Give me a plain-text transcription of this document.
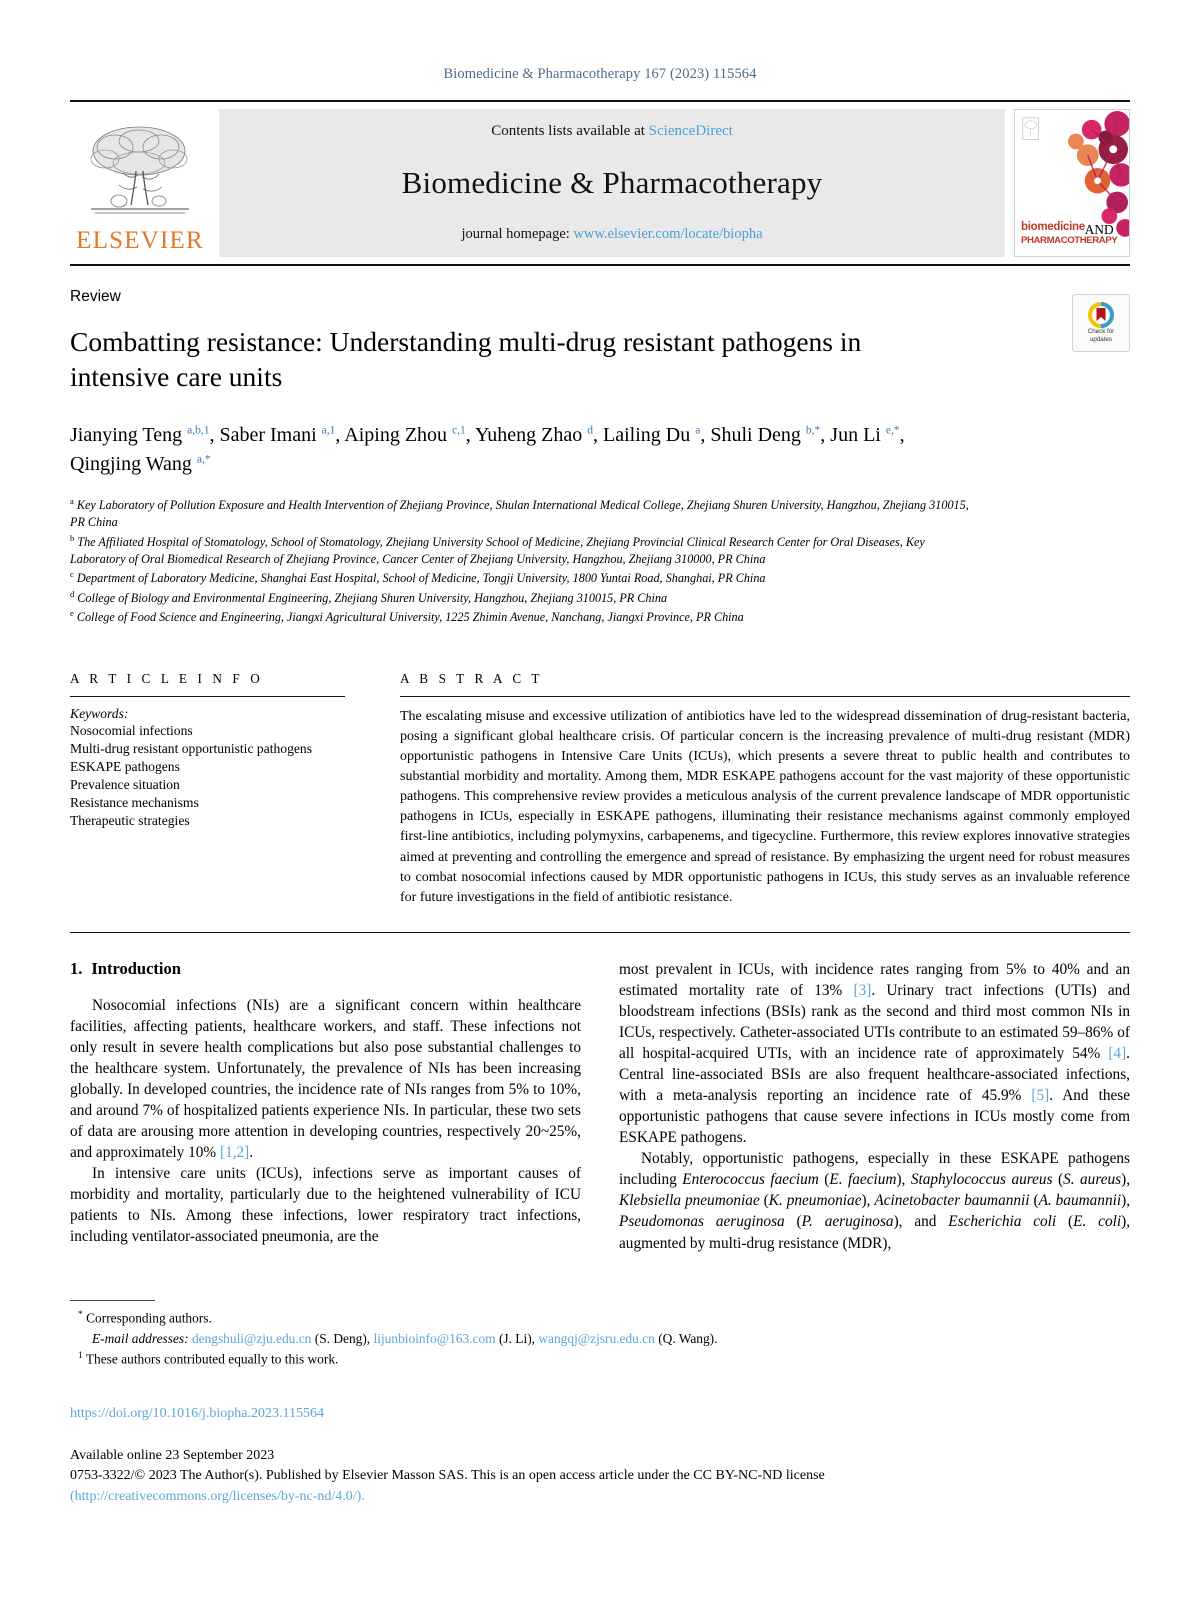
Biomedicine & Pharmacotherapy 167 (2023) 115564
ELSEVIER
Contents lists available at ScienceDirect
Biomedicine & Pharmacotherapy
journal homepage: www.elsevier.com/locate/biopha	biomedicine$_{AND}$
PHARMACOTHERAPY
Check for
updates
Review
Combatting resistance: Understanding multi-drug resistant pathogens in intensive care units
Jianying Teng $^{a,b,1}$, Saber Imani $^{a,1}$, Aiping Zhou $^{c,1}$, Yuheng Zhao $^d$, Lailing Du $^a$, Shuli Deng $^{b,*}$, Jun Li $^{e,*}$, Qingjing Wang $^{a,*}$

$^a$ Key Laboratory of Pollution Exposure and Health Intervention of Zhejiang Province, Shulan International Medical College, Zhejiang Shuren University, Hangzhou, Zhejiang 310015, PR China

$^b$ The Affiliated Hospital of Stomatology, School of Stomatology, Zhejiang University School of Medicine, Zhejiang Provincial Clinical Research Center for Oral Diseases, Key Laboratory of Oral Biomedical Research of Zhejiang Province, Cancer Center of Zhejiang University, Hangzhou, Zhejiang 310000, PR China

$^c$ Department of Laboratory Medicine, Shanghai East Hospital, School of Medicine, Tongji University, 1800 Yuntai Road, Shanghai, PR China

$^d$ College of Biology and Environmental Engineering, Zhejiang Shuren University, Hangzhou, Zhejiang 310015, PR China

$^e$ College of Food Science and Engineering, Jiangxi Agricultural University, 1225 Zhimin Avenue, Nanchang, Jiangxi Province, PR China

A R T I C L E I N F O
Keywords:
Nosocomial infections
Multi-drug resistant opportunistic pathogens
ESKAPE pathogens
Prevalence situation
Resistance mechanisms
Therapeutic strategies
A B S T R A C T
The escalating misuse and excessive utilization of antibiotics have led to the widespread dissemination of drug-resistant bacteria, posing a significant global healthcare crisis. Of particular concern is the increasing prevalence of multi-drug resistant (MDR) opportunistic pathogens in Intensive Care Units (ICUs), which presents a severe threat to public health and contributes to substantial morbidity and mortality. Among them, MDR ESKAPE pathogens account for the vast majority of these opportunistic pathogens. This comprehensive review provides a meticulous analysis of the current prevalence landscape of MDR opportunistic pathogens in ICUs, especially in ESKAPE pathogens, illuminating their resistance mechanisms against commonly employed first-line antibiotics, including polymyxins, carbapenems, and tigecycline. Furthermore, this review explores innovative strategies aimed at preventing and controlling the emergence and spread of resistance. By emphasizing the urgent need for robust measures to combat nosocomial infections caused by MDR opportunistic pathogens in ICUs, this study serves as an invaluable reference for future investigations in the field of antibiotic resistance.
1. Introduction

Nosocomial infections (NIs) are a significant concern within healthcare facilities, affecting patients, healthcare workers, and staff. These infections not only result in severe health complications but also pose substantial challenges to the healthcare system. Unfortunately, the prevalence of NIs has been increasing globally. In developed countries, the incidence rate of NIs ranges from 5% to 10%, and around 7% of hospitalized patients experience NIs. In particular, these two sets of data are arousing more attention in developing countries, respectively 20~25%, and approximately 10% [1,2].

In intensive care units (ICUs), infections serve as important causes of morbidity and mortality, particularly due to the heightened vulnerability of ICU patients to NIs. Among these infections, lower respiratory tract infections, including ventilator-associated pneumonia, are the

most prevalent in ICUs, with incidence rates ranging from 5% to 40% and an estimated mortality rate of 13% [3]. Urinary tract infections (UTIs) and bloodstream infections (BSIs) rank as the second and third most common NIs in ICUs, respectively. Catheter-associated UTIs contribute to an estimated 59–86% of all hospital-acquired UTIs, with an incidence rate of approximately 54% [4]. Central line-associated BSIs are also frequent healthcare-associated infections, with a meta-analysis reporting an incidence rate of 45.9% [5]. And these opportunistic pathogens that cause severe infections in ICUs mostly come from ESKAPE pathogens.

Notably, opportunistic pathogens, especially in these ESKAPE pathogens including Enterococcus faecium (E. faecium), Staphylococcus aureus (S. aureus), Klebsiella pneumoniae (K. pneumoniae), Acinetobacter baumannii (A. baumannii), Pseudomonas aeruginosa (P. aeruginosa), and Escherichia coli (E. coli), augmented by multi-drug resistance (MDR),

* Corresponding authors.
E-mail addresses: dengshuli@zju.edu.cn (S. Deng), lijunbioinfo@163.com (J. Li), wangqj@zjsru.edu.cn (Q. Wang).
$^1$ These authors contributed equally to this work.
https://doi.org/10.1016/j.biopha.2023.115564
Available online 23 September 2023
0753-3322/© 2023 The Author(s). Published by Elsevier Masson SAS. This is an open access article under the CC BY-NC-ND license
(http://creativecommons.org/licenses/by-nc-nd/4.0/).
